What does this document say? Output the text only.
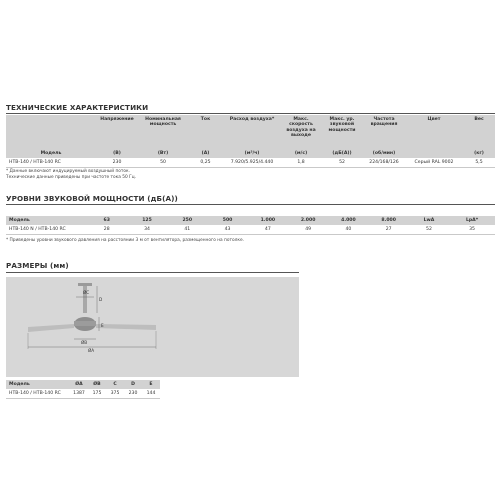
ТЕХНИЧЕСКИЕ ХАРАКТЕРИСТИКИ
	Напряжение	Номинальная мощность	Ток	Расход воздуха*	Макс. скорость воздуха на выходе	Макс. ур. звуковой мощности	Частота вращения	Цвет	Вес
Модель	(В)	(Вт)	(А)	(м³/ч)	(м/с)	(дБ(А))	(об/мин)		(кг)
НТВ-140 / НТВ-140 RC	230	50	0,25	7.920/5.925/4.440	1,8	52	224/168/126	Серый RAL 9002	5,5
* Данные включают индуцируемый воздушный поток.
Технические данные приведены при частоте тока 50 Гц.
УРОВНИ ЗВУКОВОЙ МОЩНОСТИ (дБ(А))
Модель	63	125	250	500	1.000	2.000	4.000	8.000	LwA	LpA*
НТВ-140 N / НТВ-140 RC	28	34	41	43	47	49	40	27	52	35
* Приведены уровни звукового давления на расстоянии 3 м от вентилятора, размещенного на потолке.
РАЗМЕРЫ (мм)
ØC
D
E
ØB
ØA
Модель	ØA	ØB	C	D	E
НТВ-140 / НТВ-140 RC	1387	175	375	230	144
